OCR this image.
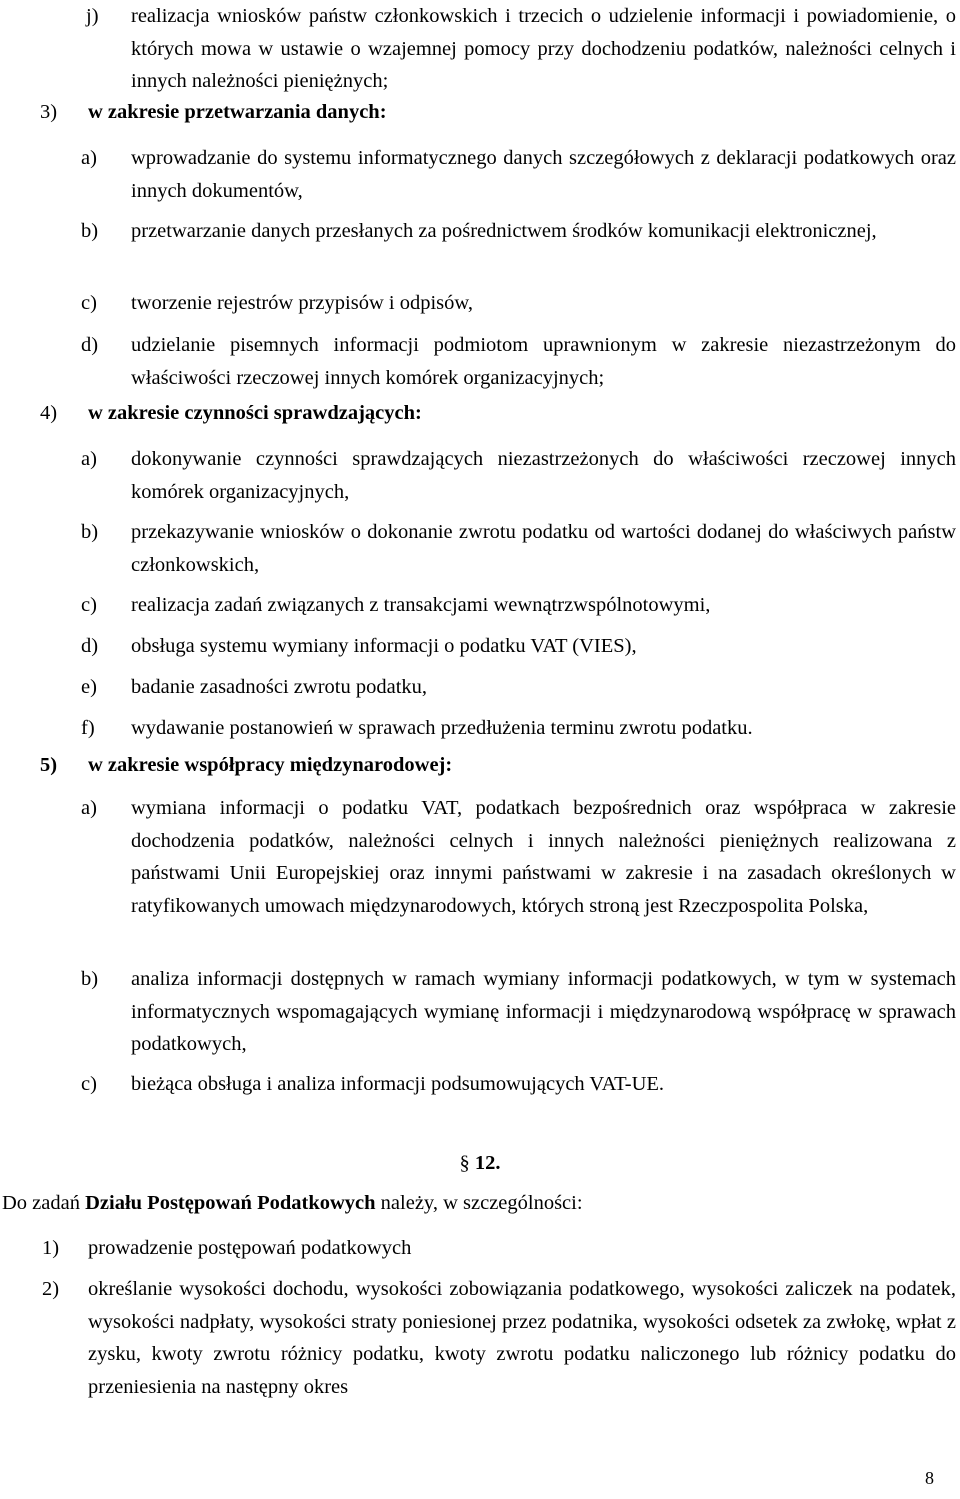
j) realizacja wniosków państw członkowskich i trzecich o udzielenie informacji i powiadomienie, o których mowa w ustawie o wzajemnej pomocy przy dochodzeniu podatków, należności celnych i innych należności pieniężnych;
3) w zakresie przetwarzania danych:
a) wprowadzanie do systemu informatycznego danych szczegółowych z deklaracji podatkowych oraz innych dokumentów,
b) przetwarzanie danych przesłanych za pośrednictwem środków komunikacji elektronicznej,
c) tworzenie rejestrów przypisów i odpisów,
d) udzielanie pisemnych informacji podmiotom uprawnionym w zakresie niezastrzeżonym do właściwości rzeczowej innych komórek organizacyjnych;
4) w zakresie czynności sprawdzających:
a) dokonywanie czynności sprawdzających niezastrzeżonych do właściwości rzeczowej innych komórek organizacyjnych,
b) przekazywanie wniosków o dokonanie zwrotu podatku od wartości dodanej do właściwych państw członkowskich,
c) realizacja zadań związanych z transakcjami wewnątrzwspólnotowymi,
d) obsługa systemu wymiany informacji o podatku VAT (VIES),
e) badanie zasadności zwrotu podatku,
f) wydawanie postanowień w sprawach przedłużenia terminu zwrotu podatku.
5) w zakresie współpracy międzynarodowej:
a) wymiana informacji o podatku VAT, podatkach bezpośrednich oraz współpraca w zakresie dochodzenia podatków, należności celnych i innych należności pieniężnych realizowana z państwami Unii Europejskiej oraz innymi państwami w zakresie i na zasadach określonych w ratyfikowanych umowach międzynarodowych, których stroną jest Rzeczpospolita Polska,
b) analiza informacji dostępnych w ramach wymiany informacji podatkowych, w tym w systemach informatycznych wspomagających wymianę informacji i międzynarodową współpracę w sprawach podatkowych,
c) bieżąca obsługa i analiza informacji podsumowujących VAT-UE.
§ 12.
Do zadań Działu Postępowań Podatkowych należy, w szczególności:
1) prowadzenie postępowań podatkowych
2) określanie wysokości dochodu, wysokości zobowiązania podatkowego, wysokości zaliczek na podatek, wysokości nadpłaty, wysokości straty poniesionej przez podatnika, wysokości odsetek za zwłokę, wpłat z zysku, kwoty zwrotu różnicy podatku, kwoty zwrotu podatku naliczonego lub różnicy podatku do przeniesienia na następny okres
8
